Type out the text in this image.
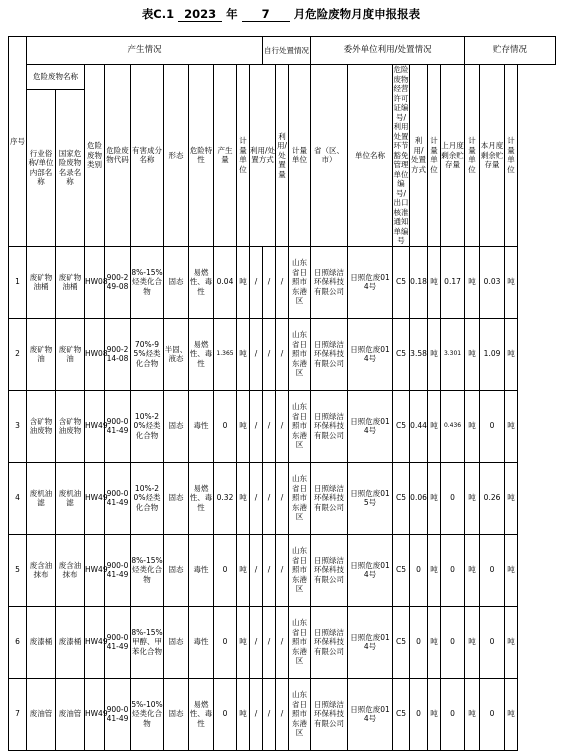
表C.1 2023 年 7 月危险废物月度申报报表
序号	产生情况										自行处置情况			委外单位利用/处置情况						贮存情况		
	危险废物名称		危险废物类别	危险废物代码	有害成分名称	形态	危险特性	产生量	计量单位	利用/处置方式		利用/处置量	计量单位	省（区、市）	单位名称	危险废物经营许可证编号/利用处置环节豁免管理单位编号/出口核准通知单编号	利用/处置方式	计量单位	上月度剩余贮存量	计量单位	本月度剩余贮存量	计量单位
	行业俗称/单位内部名称	国家危险废物名录名称																				
1	废矿物油桶	废矿物油桶	HW08	900-249-08	8%-15%烃类化合物	固态	易燃性、毒性	0.04	吨	/	/	/	山东省日照市东港区	日照绿洁环保科技有限公司	日照危废014号	C5	0.18	吨	0.17	吨	0.03	吨
2	废矿物油	废矿物油	HW08	900-214-08	70%-95%烃类化合物	半固、液态	易燃性、毒性	1.365	吨	/	/	/	山东省日照市东港区	日照绿洁环保科技有限公司	日照危废014号	C5	3.58	吨	3.301	吨	1.09	吨
3	含矿物油废物	含矿物油废物	HW49	900-041-49	10%-20%烃类化合物	固态	毒性	0	吨	/	/	/	山东省日照市东港区	日照绿洁环保科技有限公司	日照危废014号	C5	0.44	吨	0.436	吨	0	吨
4	废机油滤	废机油滤	HW49	900-041-49	10%-20%烃类化合物	固态	易燃性、毒性	0.32	吨	/	/	/	山东省日照市东港区	日照绿洁环保科技有限公司	日照危废015号	C5	0.06	吨	0	吨	0.26	吨
5	废含油抹布	废含油抹布	HW49	900-041-49	8%-15%烃类化合物	固态	毒性	0	吨	/	/	/	山东省日照市东港区	日照绿洁环保科技有限公司	日照危废014号	C5	0	吨	0	吨	0	吨
6	废漆桶	废漆桶	HW49	900-041-49	8%-15%甲醇、甲苯化合物	固态	毒性	0	吨	/	/	/	山东省日照市东港区	日照绿洁环保科技有限公司	日照危废014号	C5	0	吨	0	吨	0	吨
7	废油管	废油管	HW49	900-041-49	5%-10%烃类化合物	固态	易燃性、毒性	0	吨	/	/	/	山东省日照市东港区	日照绿洁环保科技有限公司	日照危废014号	C5	0	吨	0	吨	0	吨
